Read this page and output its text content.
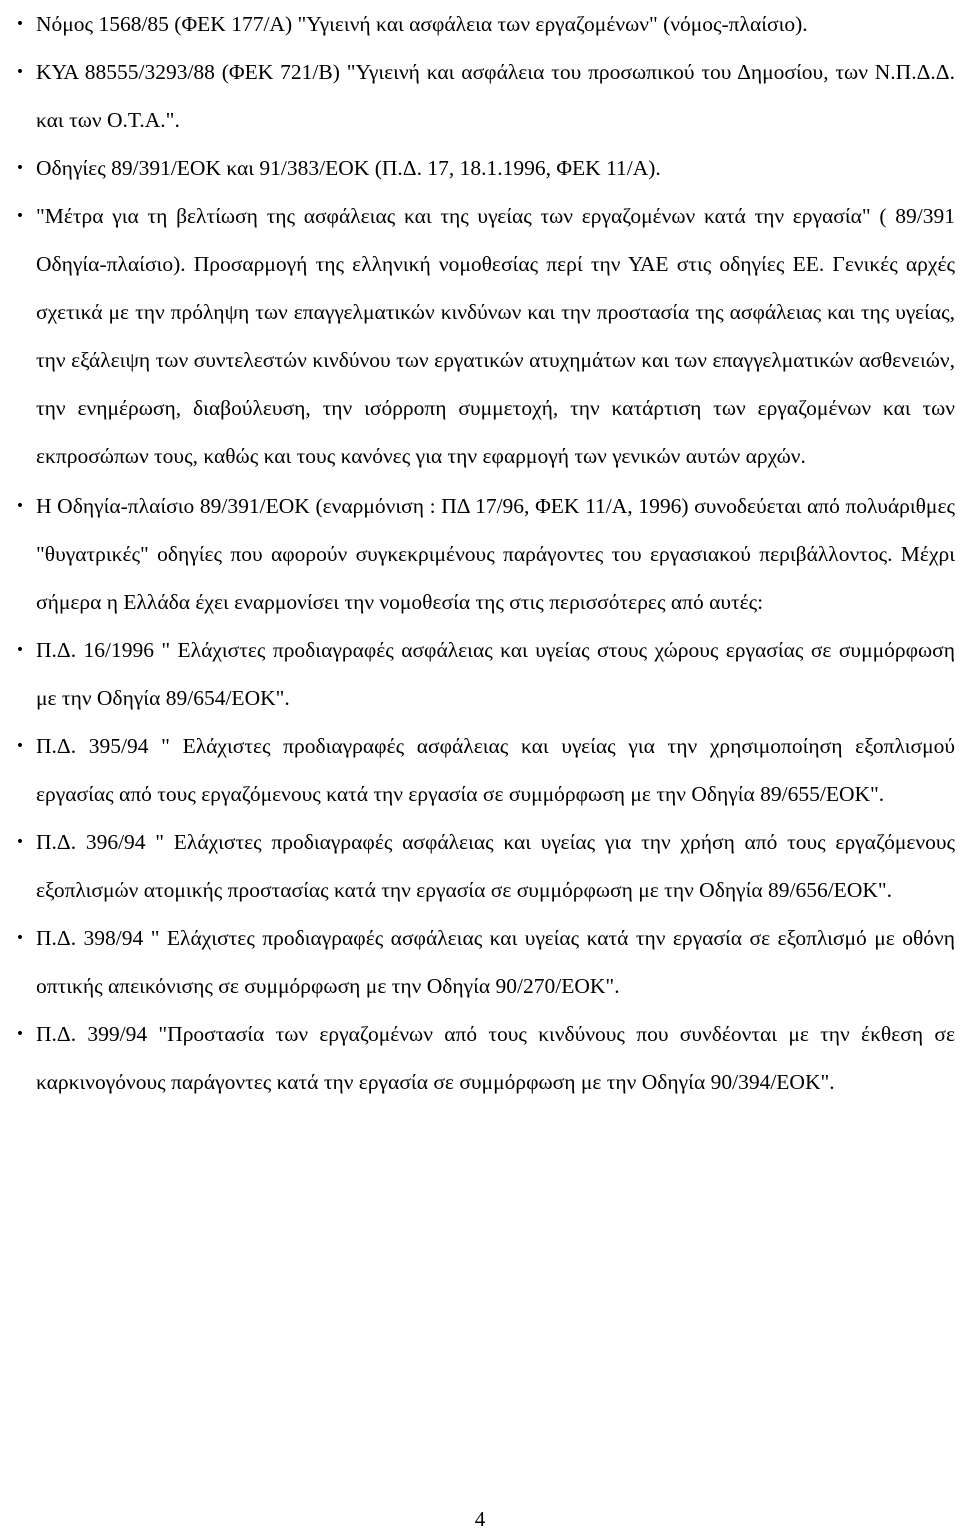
• Νόμος 1568/85 (ΦΕΚ 177/Α) "Υγιεινή και ασφάλεια των εργαζομένων" (νόμος-πλαίσιο).
• ΚΥΑ 88555/3293/88 (ΦΕΚ 721/Β) "Υγιεινή και ασφάλεια του προσωπικού του Δημοσίου, των Ν.Π.Δ.Δ. και των Ο.Τ.Α.".
• Οδηγίες 89/391/ΕΟΚ και 91/383/ΕΟΚ (Π.Δ. 17, 18.1.1996, ΦΕΚ 11/Α).
• "Μέτρα για τη βελτίωση της ασφάλειας και της υγείας των εργαζομένων κατά την εργασία" ( 89/391 Οδηγία-πλαίσιο). Προσαρμογή της ελληνική νομοθεσίας περί την ΥΑΕ στις οδηγίες ΕΕ. Γενικές αρχές σχετικά με την πρόληψη των επαγγελματικών κινδύνων και την προστασία της ασφάλειας και της υγείας, την εξάλειψη των συντελεστών κινδύνου των εργατικών ατυχημάτων και των επαγγελματικών ασθενειών, την ενημέρωση, διαβούλευση, την ισόρροπη συμμετοχή, την κατάρτιση των εργαζομένων και των εκπροσώπων τους, καθώς και τους κανόνες για την εφαρμογή των γενικών αυτών αρχών.
• Η Οδηγία-πλαίσιο 89/391/ΕΟΚ (εναρμόνιση : ΠΔ 17/96, ΦΕΚ 11/Α, 1996) συνοδεύεται από πολυάριθμες "θυγατρικές" οδηγίες που αφορούν συγκεκριμένους παράγοντες του εργασιακού περιβάλλοντος. Μέχρι σήμερα η Ελλάδα έχει εναρμονίσει την νομοθεσία της στις περισσότερες από αυτές:
• Π.Δ. 16/1996 " Ελάχιστες προδιαγραφές ασφάλειας και υγείας στους χώρους εργασίας σε συμμόρφωση με την Οδηγία 89/654/ΕΟΚ".
• Π.Δ. 395/94 " Ελάχιστες προδιαγραφές ασφάλειας και υγείας για την χρησιμοποίηση εξοπλισμού εργασίας από τους εργαζόμενους κατά την εργασία σε συμμόρφωση με την Οδηγία 89/655/ΕΟΚ".
• Π.Δ. 396/94 " Ελάχιστες προδιαγραφές ασφάλειας και υγείας για την χρήση από τους εργαζόμενους εξοπλισμών ατομικής προστασίας κατά την εργασία σε συμμόρφωση με την Οδηγία 89/656/ΕΟΚ".
• Π.Δ. 398/94 " Ελάχιστες προδιαγραφές ασφάλειας και υγείας κατά την εργασία σε εξοπλισμό με οθόνη οπτικής απεικόνισης σε συμμόρφωση με την Οδηγία 90/270/ΕΟΚ".
• Π.Δ. 399/94 "Προστασία των εργαζομένων από τους κινδύνους που συνδέονται με την έκθεση σε καρκινογόνους παράγοντες κατά την εργασία σε συμμόρφωση με την Οδηγία 90/394/ΕΟΚ".
4
